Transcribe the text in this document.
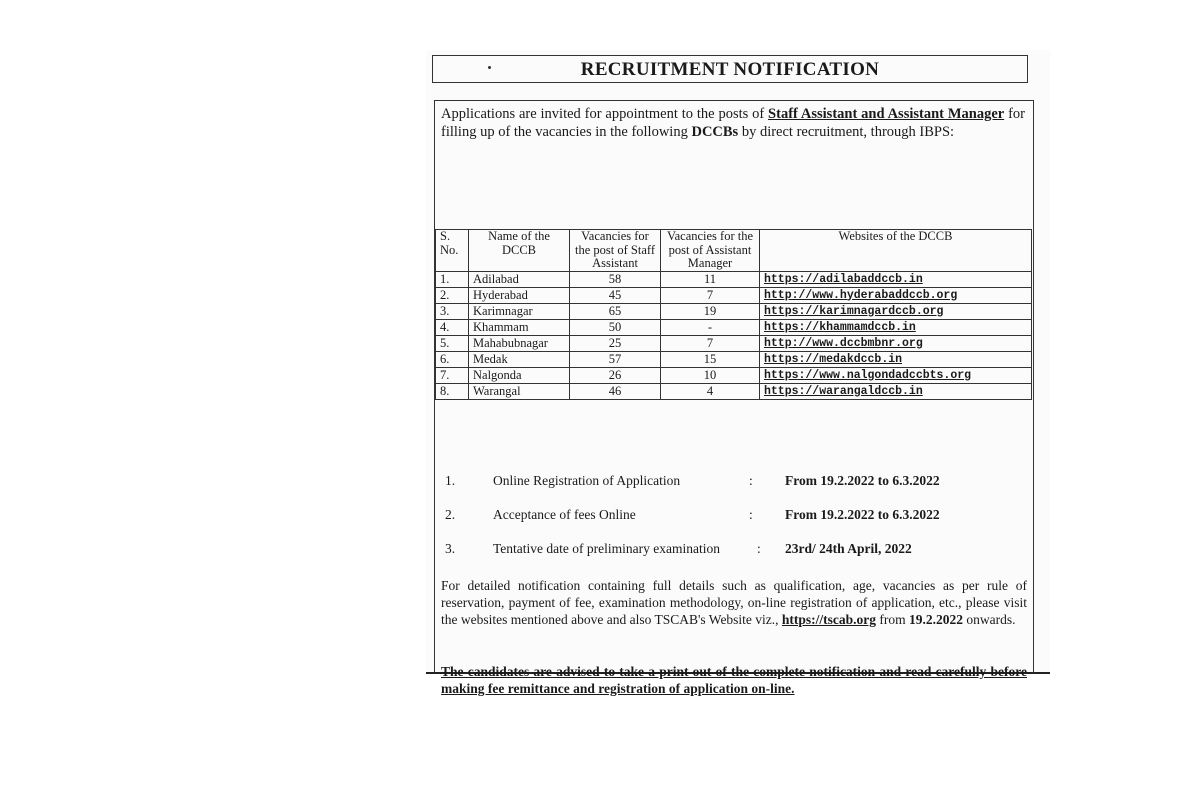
RECRUITMENT NOTIFICATION
Applications are invited for appointment to the posts of Staff Assistant and Assistant Manager for filling up of the vacancies in the following DCCBs by direct recruitment, through IBPS:
S. No.	Name of the DCCB	Vacancies for the post of Staff Assistant	Vacancies for the post of Assistant Manager	Websites of the DCCB
1.	Adilabad	58	11	https://adilabaddccb.in
2.	Hyderabad	45	7	http://www.hyderabaddccb.org
3.	Karimnagar	65	19	https://karimnagardccb.org
4.	Khammam	50	-	https://khammamdccb.in
5.	Mahabubnagar	25	7	http://www.dccbmbnr.org
6.	Medak	57	15	https://medakdccb.in
7.	Nalgonda	26	10	https://www.nalgondadccbts.org
8.	Warangal	46	4	https://warangaldccb.in
1.	Online Registration of Application	: From 19.2.2022 to 6.3.2022
2.	Acceptance of fees Online	: From 19.2.2022 to 6.3.2022
3.	Tentative date of preliminary examination	: 23rd/ 24th April, 2022
For detailed notification containing full details such as qualification, age, vacancies as per rule of reservation, payment of fee, examination methodology, on-line registration of application, etc., please visit the websites mentioned above and also TSCAB's Website viz., https://tscab.org from 19.2.2022 onwards.
The candidates are advised to take a print out of the complete notification and read carefully before making fee remittance and registration of application on-line.
